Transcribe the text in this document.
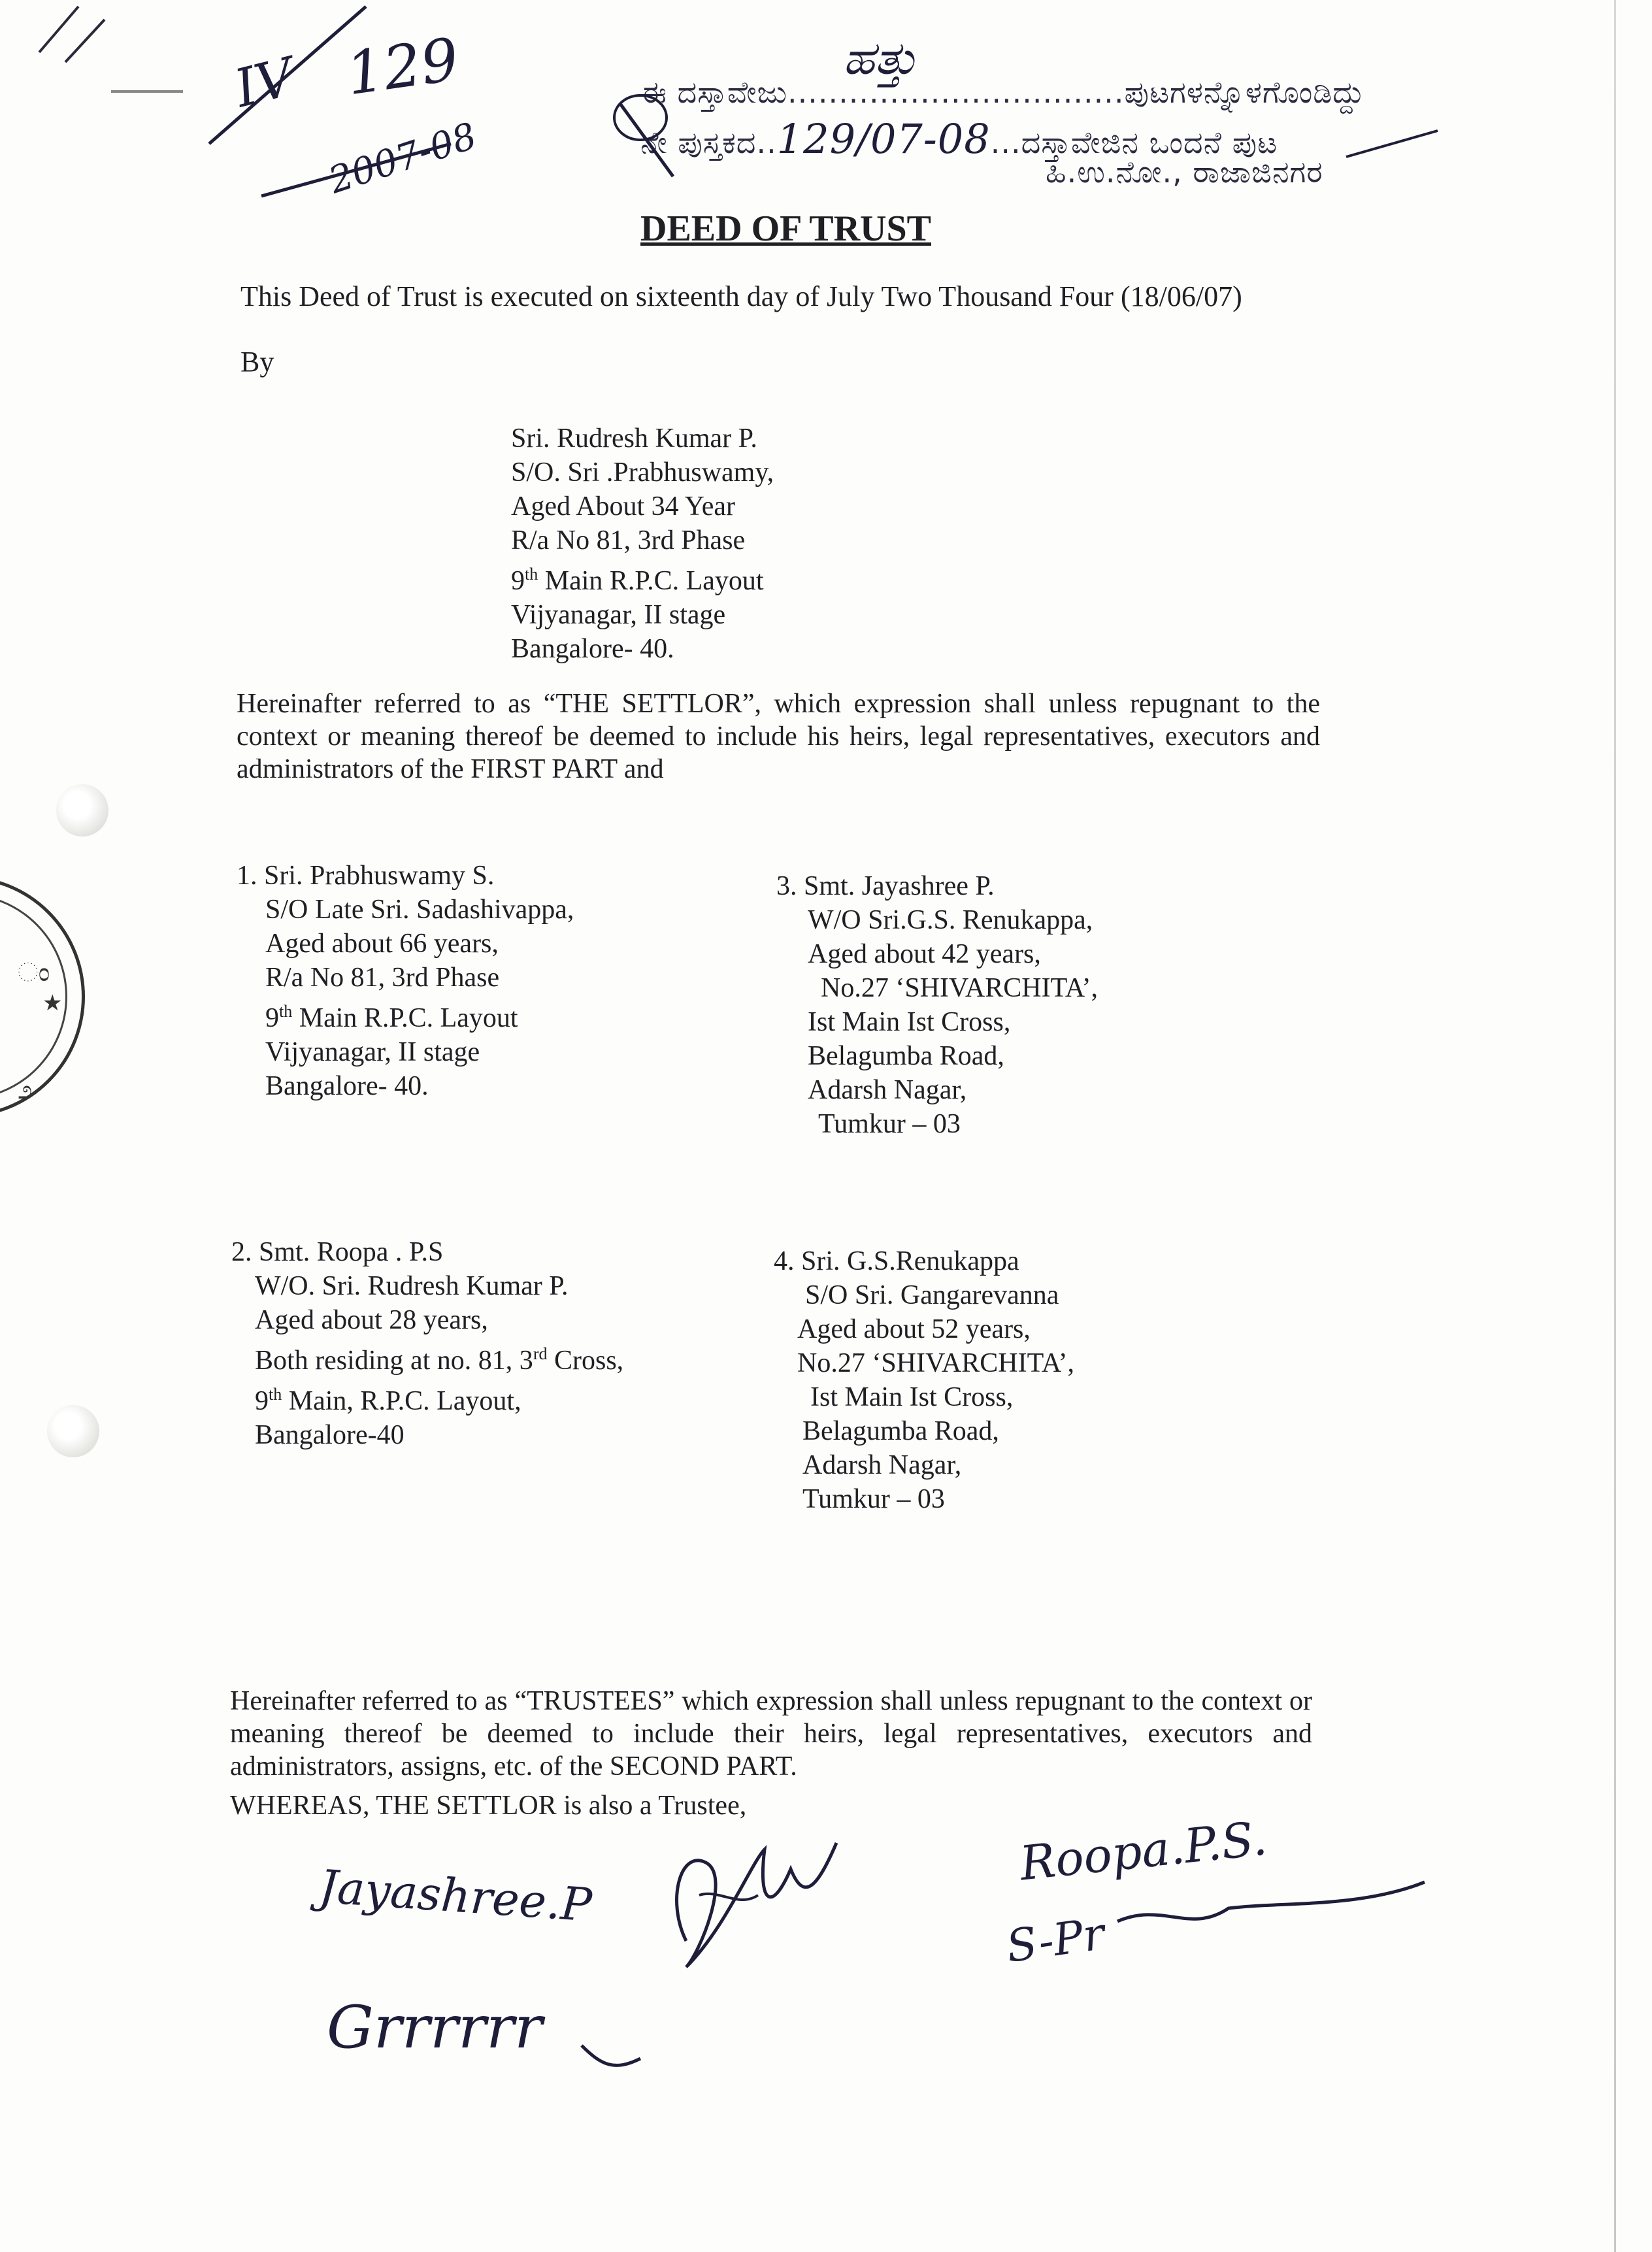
ಂ
★
೨
IV 129
2007-08
ಹತ್ತು
ಈ ದಸ್ತಾವೇಜು.................................ಪುಟಗಳನ್ನೊಳಗೊಂಡಿದ್ದು
ನೇ ಪುಸ್ತಕದ..129/07-08...ದಸ್ತಾವೇಜಿನ ಒಂದನೆ ಪುಟ
ಹಿ.ಉ.ನೋ., ರಾಜಾಜಿನಗರ
DEED OF TRUST
This Deed of Trust is executed on sixteenth day of July Two Thousand Four (18/06/07)
By
Sri. Rudresh Kumar P.
S/O. Sri .Prabhuswamy,
Aged About 34 Year
R/a No 81, 3rd Phase
9th Main R.P.C. Layout
Vijyanagar, II stage
Bangalore- 40.
Hereinafter referred to as “THE SETTLOR”, which expression shall unless repugnant to the context or meaning thereof be deemed to include his heirs, legal representatives, executors and administrators of the FIRST PART and
1. Sri. Prabhuswamy S.
S/O Late Sri. Sadashivappa,
Aged about 66 years,
R/a No 81, 3rd Phase
9th Main R.P.C. Layout
Vijyanagar, II stage
Bangalore- 40.
3. Smt. Jayashree P.
W/O Sri.G.S. Renukappa,
Aged about 42 years,
No.27 ‘SHIVARCHITA’,
Ist Main Ist Cross,
Belagumba Road,
Adarsh Nagar,
Tumkur – 03
2. Smt. Roopa . P.S
W/O. Sri. Rudresh Kumar P.
Aged about 28 years,
Both residing at no. 81, 3rd Cross,
9th Main, R.P.C. Layout,
Bangalore-40
4. Sri. G.S.Renukappa
S/O Sri. Gangarevanna
Aged about 52 years,
No.27 ‘SHIVARCHITA’,
Ist Main Ist Cross,
Belagumba Road,
Adarsh Nagar,
Tumkur – 03
Hereinafter referred to as “TRUSTEES” which expression shall unless repugnant to the context or meaning thereof be deemed to include their heirs, legal representatives, executors and administrators, assigns, etc. of the SECOND PART.
WHEREAS, THE SETTLOR is also a Trustee,
Jayashree.P
Roopa.P.S.
S-Pr
Grrrrrr
